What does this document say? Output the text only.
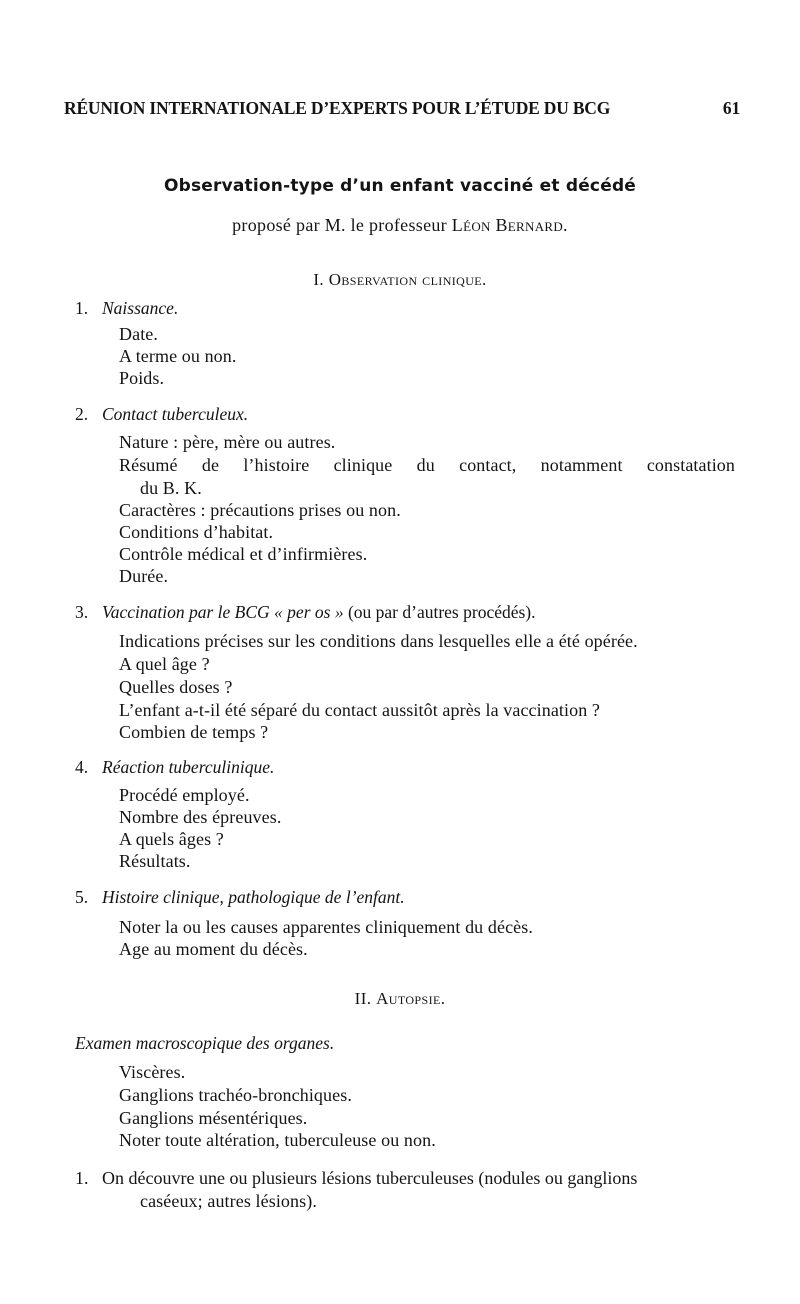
RÉUNION INTERNATIONALE D’EXPERTS POUR L’ÉTUDE DU BCG	61
Observation-type d’un enfant vacciné et décédé
proposé par M. le professeur Léon Bernard.
I. Observation clinique.
1. Naissance.
Date.
A terme ou non.
Poids.
2. Contact tuberculeux.
Nature : père, mère ou autres.
Résumé de l’histoire clinique du contact, notamment constatation
du B. K.
Caractères : précautions prises ou non.
Conditions d’habitat.
Contrôle médical et d’infirmières.
Durée.
3. Vaccination par le BCG « per os » (ou par d’autres procédés).
Indications précises sur les conditions dans lesquelles elle a été opérée.
A quel âge ?
Quelles doses ?
L’enfant a-t-il été séparé du contact aussitôt après la vaccination ?
Combien de temps ?
4. Réaction tuberculinique.
Procédé employé.
Nombre des épreuves.
A quels âges ?
Résultats.
5. Histoire clinique, pathologique de l’enfant.
Noter la ou les causes apparentes cliniquement du décès.
Age au moment du décès.
II. Autopsie.
Examen macroscopique des organes.
Viscères.
Ganglions trachéo-bronchiques.
Ganglions mésentériques.
Noter toute altération, tuberculeuse ou non.
1. On découvre une ou plusieurs lésions tuberculeuses (nodules ou ganglions
caséeux; autres lésions).
